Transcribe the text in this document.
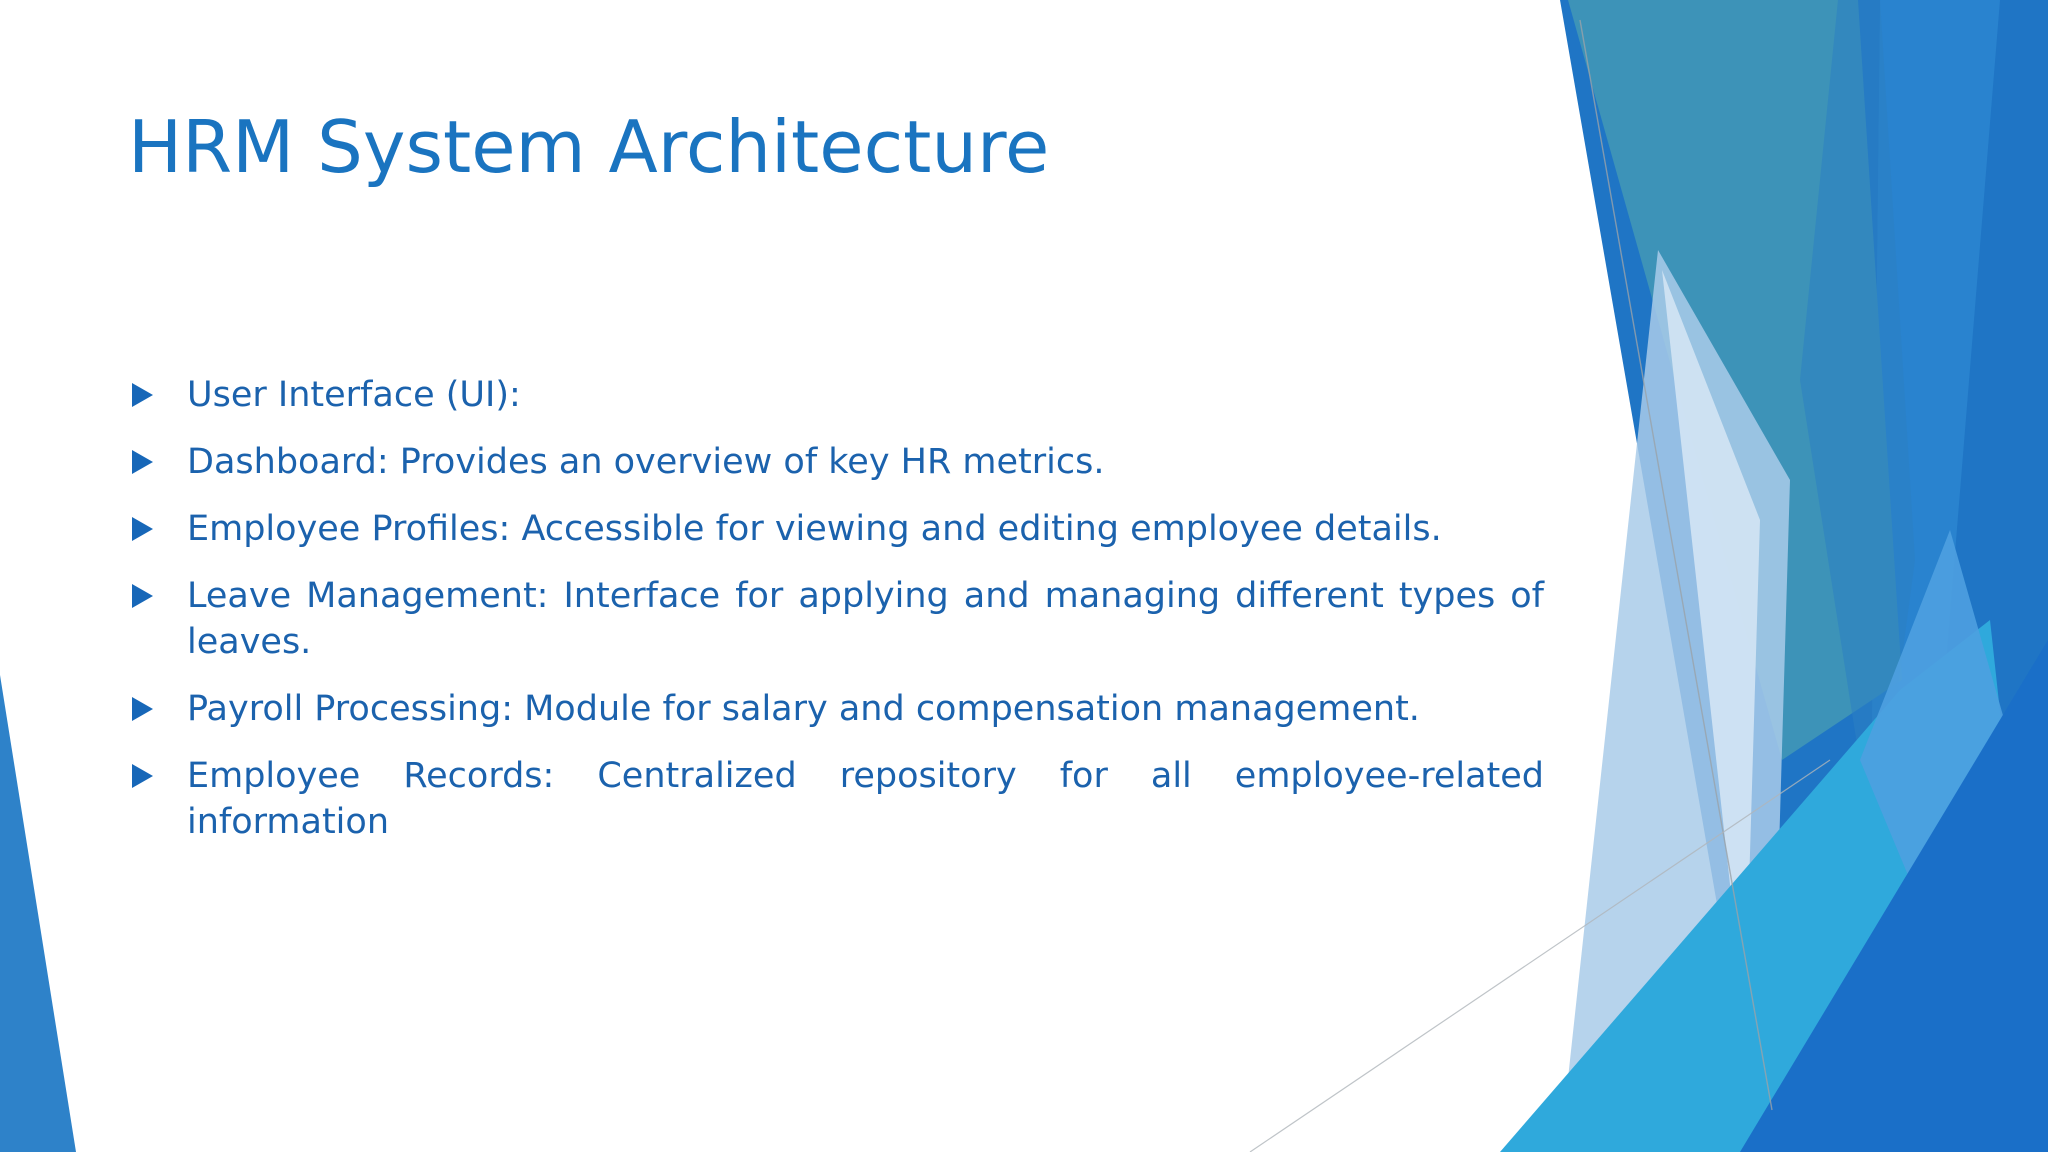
HRM System Architecture
User Interface (UI):
Dashboard: Provides an overview of key HR metrics.
Employee Profiles: Accessible for viewing and editing employee details.
Leave Management: Interface for applying and managing different types of leaves.
Payroll Processing: Module for salary and compensation management.
Employee Records: Centralized repository for all employee-related information
